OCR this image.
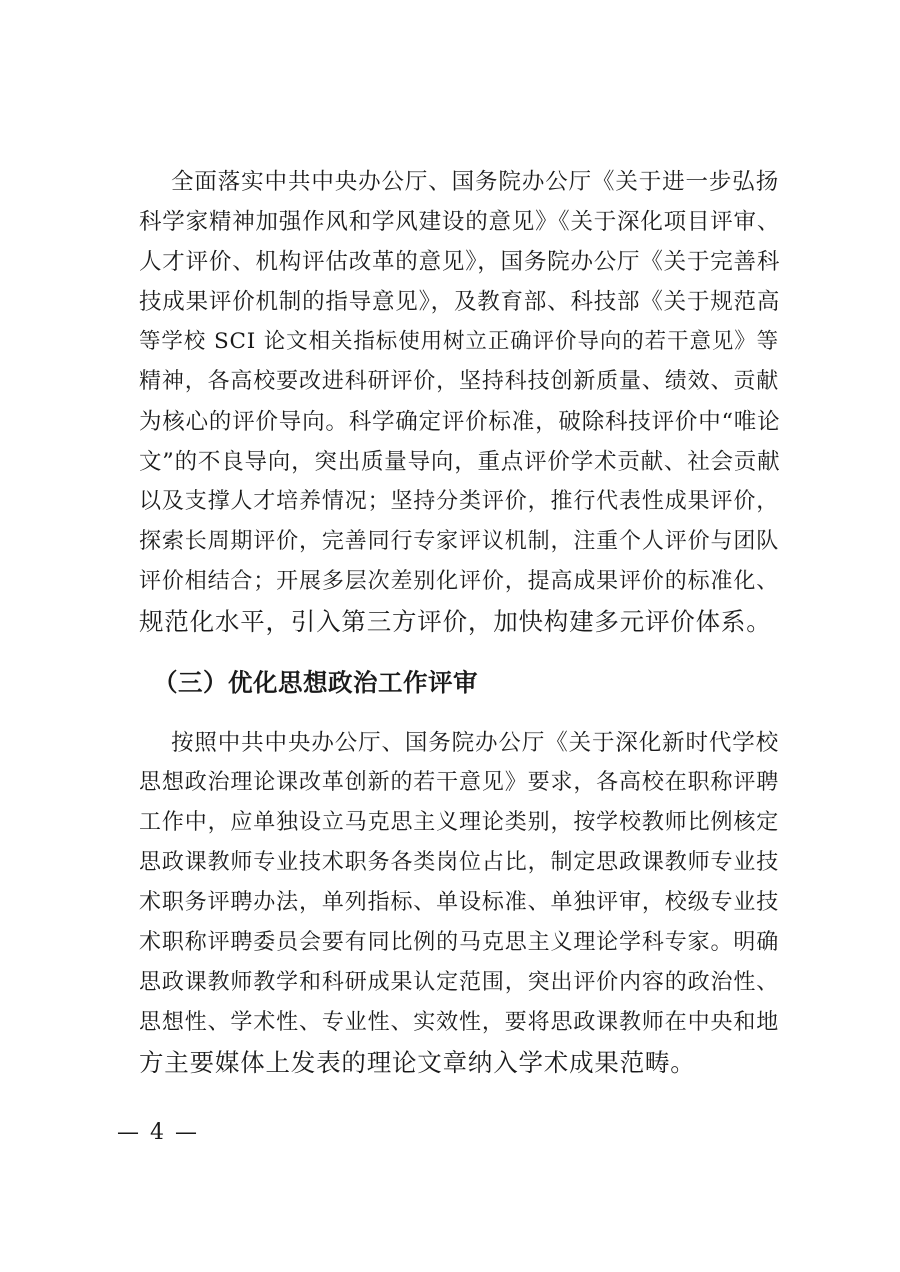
全面落实中共中央办公厅、国务院办公厅《关于进一步弘扬
科学家精神加强作风和学风建设的意见》《关于深化项目评审、
人才评价、机构评估改革的意见》，国务院办公厅《关于完善科
技成果评价机制的指导意见》，及教育部、科技部《关于规范高
等学校 SCI 论文相关指标使用树立正确评价导向的若干意见》等
精神，各高校要改进科研评价，坚持科技创新质量、绩效、贡献
为核心的评价导向。科学确定评价标准，破除科技评价中“唯论
文”的不良导向，突出质量导向，重点评价学术贡献、社会贡献
以及支撑人才培养情况；坚持分类评价，推行代表性成果评价，
探索长周期评价，完善同行专家评议机制，注重个人评价与团队
评价相结合；开展多层次差别化评价，提高成果评价的标准化、
规范化水平，引入第三方评价，加快构建多元评价体系。
（三）优化思想政治工作评审
按照中共中央办公厅、国务院办公厅《关于深化新时代学校
思想政治理论课改革创新的若干意见》要求，各高校在职称评聘
工作中，应单独设立马克思主义理论类别，按学校教师比例核定
思政课教师专业技术职务各类岗位占比，制定思政课教师专业技
术职务评聘办法，单列指标、单设标准、单独评审，校级专业技
术职称评聘委员会要有同比例的马克思主义理论学科专家。明确
思政课教师教学和科研成果认定范围，突出评价内容的政治性、
思想性、学术性、专业性、实效性，要将思政课教师在中央和地
方主要媒体上发表的理论文章纳入学术成果范畴。
— 4 —
